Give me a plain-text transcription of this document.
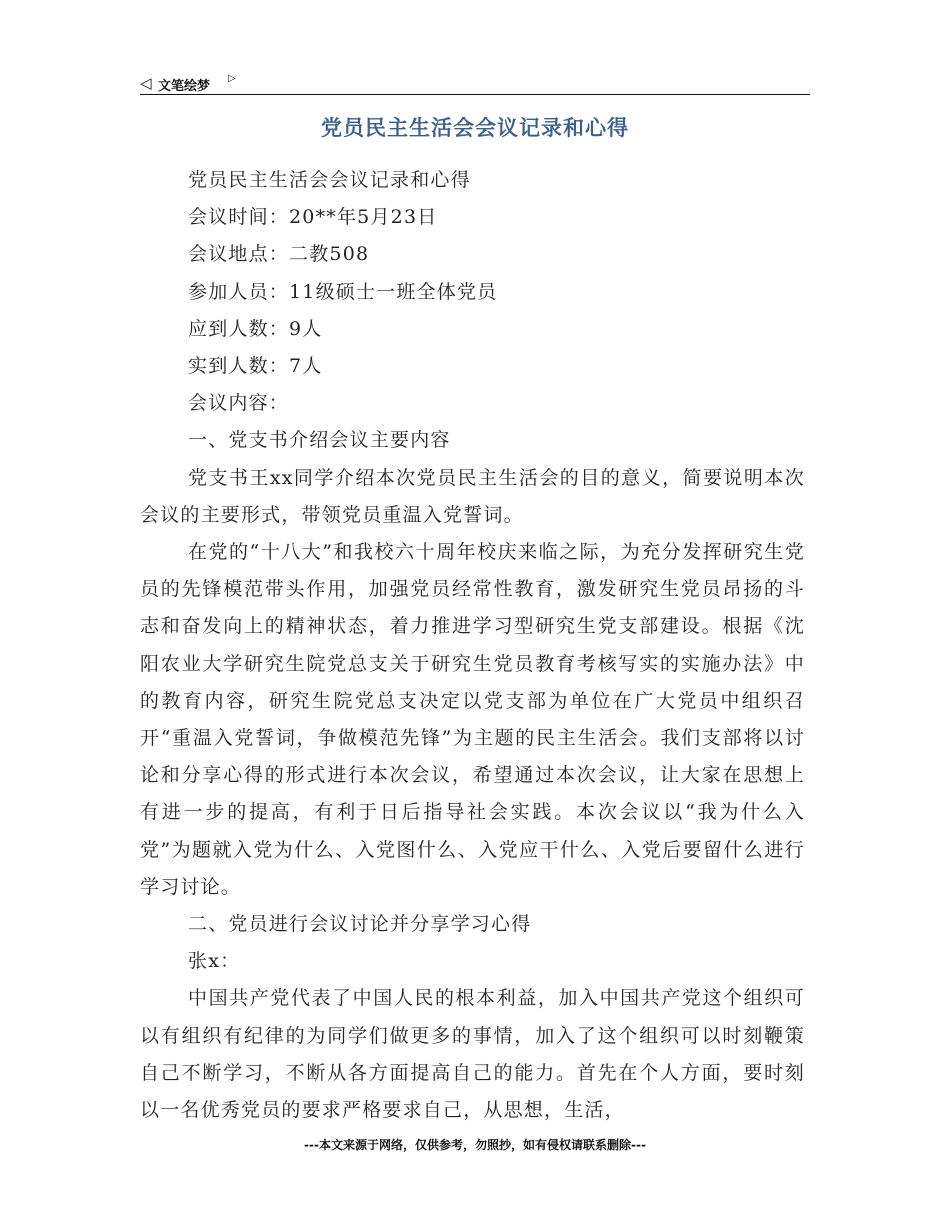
◁ 文笔绘梦
▷
党员民主生活会会议记录和心得

党员民主生活会会议记录和心得

会议时间：20**年5月23日

会议地点：二教508

参加人员：11级硕士一班全体党员

应到人数：9人

实到人数：7人

会议内容：

一、党支书介绍会议主要内容

党支书王xx同学介绍本次党员民主生活会的目的意义，简要说明本次会议的主要形式，带领党员重温入党誓词。

在党的“十八大”和我校六十周年校庆来临之际，为充分发挥研究生党员的先锋模范带头作用，加强党员经常性教育，激发研究生党员昂扬的斗志和奋发向上的精神状态，着力推进学习型研究生党支部建设。根据《沈阳农业大学研究生院党总支关于研究生党员教育考核写实的实施办法》中的教育内容，研究生院党总支决定以党支部为单位在广大党员中组织召开“重温入党誓词，争做模范先锋”为主题的民主生活会。我们支部将以讨论和分享心得的形式进行本次会议，希望通过本次会议，让大家在思想上有进一步的提高，有利于日后指导社会实践。本次会议以“我为什么入党”为题就入党为什么、入党图什么、入党应干什么、入党后要留什么进行学习讨论。

二、党员进行会议讨论并分享学习心得

张x：

中国共产党代表了中国人民的根本利益，加入中国共产党这个组织可以有组织有纪律的为同学们做更多的事情，加入了这个组织可以时刻鞭策自己不断学习，不断从各方面提高自己的能力。首先在个人方面，要时刻以一名优秀党员的要求严格要求自己，从思想，生活，

---本文来源于网络，仅供参考，勿照抄，如有侵权请联系删除---
